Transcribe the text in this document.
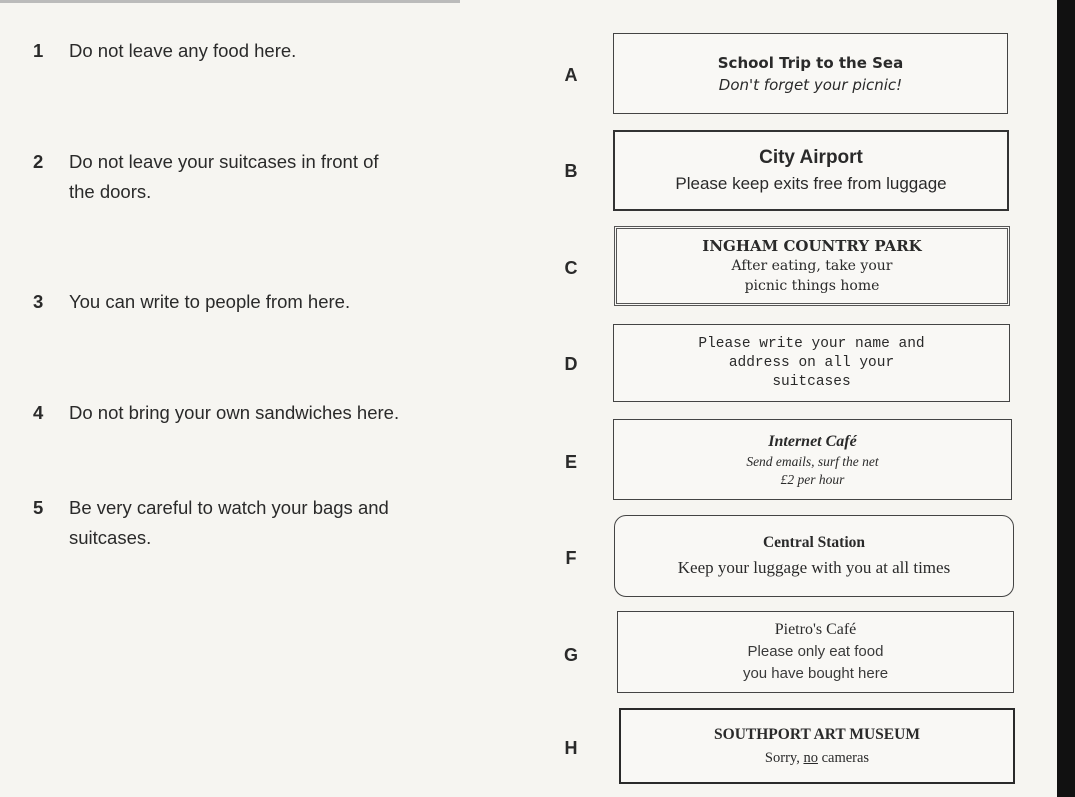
1	Do not leave any food here.
2	Do not leave your suitcases in front of
the doors.
3	You can write to people from here.
4	Do not bring your own sandwiches here.
5	Be very careful to watch your bags and
suitcases.
A
B
C
D
E
F
G
H
School Trip to the Sea
Don't forget your picnic!
City Airport
Please keep exits free from luggage
INGHAM COUNTRY PARK
After eating, take your
picnic things home
Please write your name and
address on all your
suitcases
Internet Café
Send emails, surf the net
£2 per hour
Central Station
Keep your luggage with you at all times
Pietro's Café
Please only eat food
you have bought here
SOUTHPORT ART MUSEUM
Sorry, no cameras
